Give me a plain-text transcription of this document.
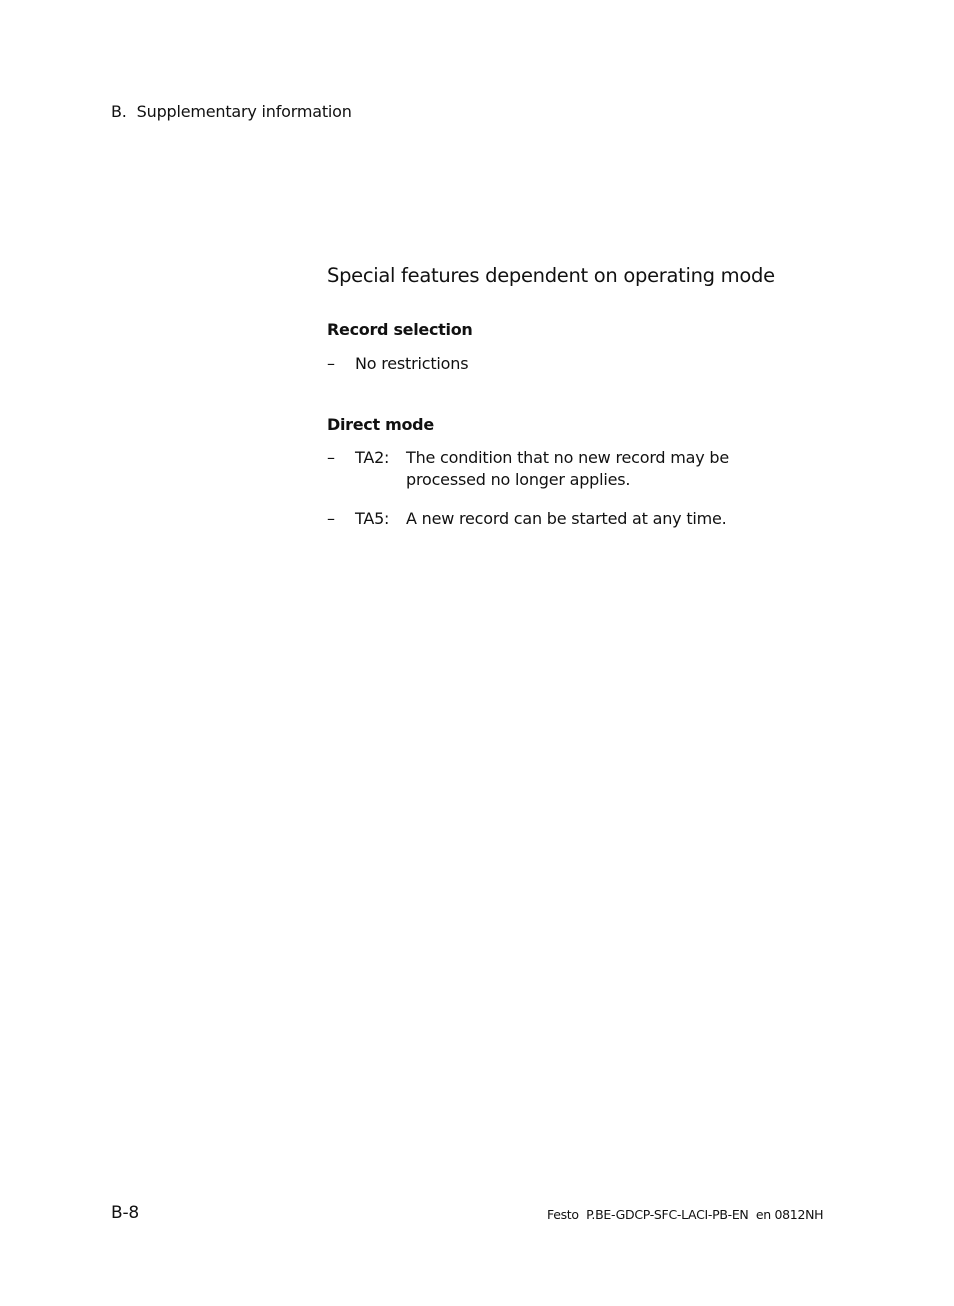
B. Supplementary information
Special features dependent on operating mode
Record selection
– No restrictions
Direct mode
– TA2: The condition that no new record may be
processed no longer applies.
– TA5: A new record can be started at any time.
B-8	Festo  P.BE-GDCP-SFC-LACI-PB-EN  en 0812NH
